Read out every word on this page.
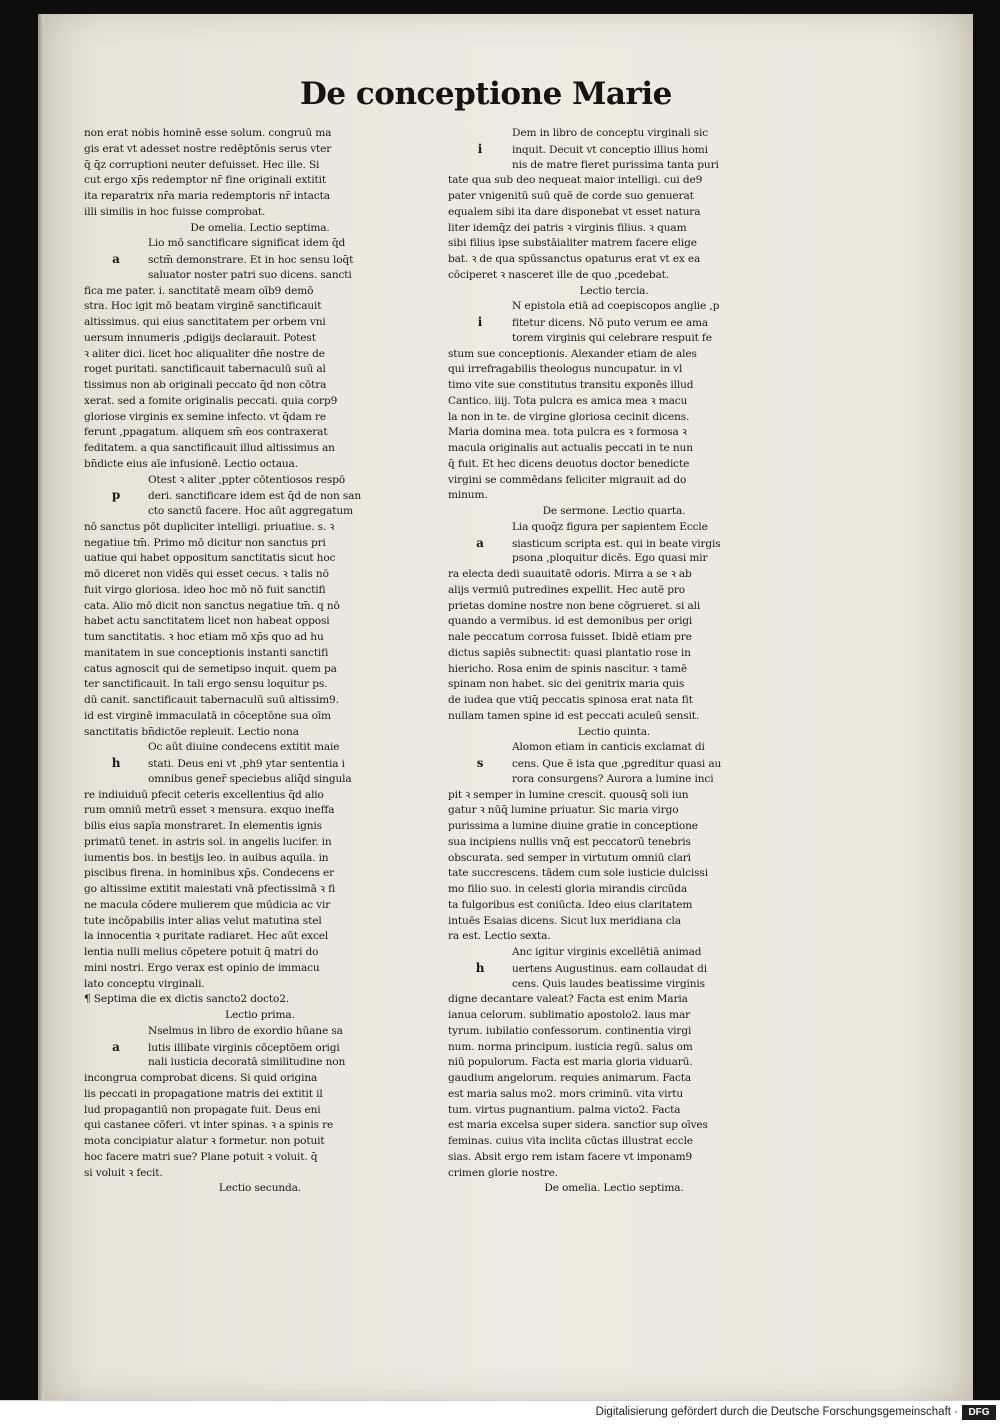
De conceptione Marie
non erat nobis hominē esse solum. congruū ma
gis erat vt adesset nostre redēptōnis serus vter
q̄ q̄z corruptioni neuter defuisset. Hec ille. Si
cut ergo xp̄s redemptor nr̄ fine originali extitit
ita reparatrix nr̄a maria redemptoris nr̄ intacta
illi similis in hoc fuisse comprobat.
De omelia. Lectio septima.
Lio mō sanctificare significat idem q̄d
a	sctm̄ demonstrare. Et in hoc sensu loq̄t
saluator noster patri suo dicens. sancti
fica me pater. i. sanctitatē meam oīb9 demō
stra. Hoc igit mō beatam virginē sanctificauit
altissimus. qui eius sanctitatem per orbem vni
uersum innumeris ,pdigijs declarauit. Potest
ꝛ aliter dici. licet hoc aliqualiter dn̄e nostre de
roget puritati. sanctificauit tabernaculū suū al
tissimus non ab originali peccato q̄d non cōtra
xerat. sed a fomite originalis peccati. quia corp9
gloriose virginis ex semine infecto. vt q̄dam re
ferunt ,ppagatum. aliquem sm̄ eos contraxerat
feditatem. a qua sanctificauit illud altissimus an
bn̄dicte eius aīe infusionē. Lectio octaua.
Otest ꝛ aliter ,ppter cōtentiosos respō
p	deri. sanctificare idem est q̄d de non san
cto sanctū facere. Hoc aūt aggregatum
nō sanctus pōt dupliciter intelligi. priuatiue. s. ꝛ
negatiue tm̄. Primo mō dicitur non sanctus pri
uatiue qui habet oppositum sanctitatis sicut hoc
mō diceret non vidēs qui esset cecus. ꝛ talis nō
fuit virgo gloriosa. ideo hoc mō nō fuit sanctifi
cata. Alio mō dicit non sanctus negatiue tm̄. q nō
habet actu sanctitatem licet non habeat opposi
tum sanctitatis. ꝛ hoc etiam mō xp̄s quo ad hu
manitatem in sue conceptionis instanti sanctifi
catus agnoscit qui de semetipso inquit. quem pa
ter sanctificauit. In tali ergo sensu loquitur ps.
dū canit. sanctificauit tabernaculū suū altissim9.
id est virginē immaculatā in cōceptōne sua oīm
sanctitatis bn̄dictōe repleuit. Lectio nona
Oc aūt diuine condecens extitit maie
h	stati. Deus eni vt ,ph9 ytar sententia i
omnibus gener̄ speciebus aliq̄d singula
re indiuiduū pfecit ceteris excellentius q̄d alio
rum omniū metrū esset ꝛ mensura. exquo ineffa
bilis eius sapīa monstraret. In elementis ignis
primatū tenet. in astris sol. in angelis lucifer. in
iumentis bos. in bestijs leo. in auibus aquila. in
piscibus firena. in hominibus xp̄s. Condecens er
go altissime extitit maiestati vnā pfectissimā ꝛ fi
ne macula cōdere mulierem que mūdicia ac vir
tute incōpabilis inter alias velut matutina stel
la innocentia ꝛ puritate radiaret. Hec aūt excel
lentia nulli melius cōpetere potuit q̄ matri do
mini nostri. Ergo verax est opinio de immacu
lato conceptu virginali.
¶ Septima die ex dictis sancto2 docto2.
Lectio prima.
Nselmus in libro de exordio hūane sa
a	lutis illibate virginis cōceptōem origi
nali iusticia decoratā similitudine non
incongrua comprobat dicens. Si quid origina
lis peccati in propagatione matris dei extitit il
lud propagantiū non propagate fuit. Deus eni
qui castanee cōferi. vt inter spinas. ꝛ a spinis re
mota concipiatur alatur ꝛ formetur. non potuit
hoc facere matri sue? Plane potuit ꝛ voluit. q̄
si voluit ꝛ fecit.
Lectio secunda.
Dem in libro de conceptu virginali sic
i	inquit. Decuit vt conceptio illius homi
nis de matre fieret purissima tanta puri
tate qua sub deo nequeat maior intelligi. cui de9
pater vnigenitū suū quē de corde suo genuerat
equalem sibi ita dare disponebat vt esset natura
liter idemq̄z dei patris ꝛ virginis filius. ꝛ quam
sibi filius ipse substāialiter matrem facere elige
bat. ꝛ de qua spūssanctus opaturus erat vt ex ea
cōciperet ꝛ nasceret ille de quo ,pcedebat.
Lectio tercia.
N epistola etiā ad coepiscopos anglie ,p
i	fitetur dicens. Nō puto verum ee ama
torem virginis qui celebrare respuit fe
stum sue conceptionis. Alexander etiam de ales
qui irrefragabilis theologus nuncupatur. in vl
timo vite sue constitutus transitu exponēs illud
Cantico. iiij. Tota pulcra es amica mea ꝛ macu
la non in te. de virgine gloriosa cecinit dicens.
Maria domina mea. tota pulcra es ꝛ formosa ꝛ
macula originalis aut actualis peccati in te nun
q̄ fuit. Et hec dicens deuotus doctor benedicte
virgini se commēdans feliciter migrauit ad do
minum.
De sermone. Lectio quarta.
Lia quoq̄z figura per sapientem Eccle
a	siasticum scripta est. qui in beate virgis
psona ,ploquitur dicēs. Ego quasi mir
ra electa dedi suauitatē odoris. Mirra a se ꝛ ab
alijs vermiū putredines expellit. Hec autē pro
prietas domine nostre non bene cōgrueret. si ali
quando a vermibus. id est demonibus per origi
nale peccatum corrosa fuisset. Ibidē etiam pre
dictus sapiēs subnectit: quasi plantatio rose in
hiericho. Rosa enim de spinis nascitur. ꝛ tamē
spinam non habet. sic dei genitrix maria quis
de iudea que vtiq̄ peccatis spinosa erat nata fit
nullam tamen spine id est peccati aculeū sensit.
Lectio quinta.
Alomon etiam in canticis exclamat di
s	cens. Que ē ista que ,pgreditur quasi au
rora consurgens? Aurora a lumine inci
pit ꝛ semper in lumine crescit. quousq̄ soli iun
gatur ꝛ nūq̄ lumine priuatur. Sic maria virgo
purissima a lumine diuine gratie in conceptione
sua incipiens nullis vnq̄ est peccatorū tenebris
obscurata. sed semper in virtutum omniū clari
tate succrescens. tādem cum sole iusticie dulcissi
mo filio suo. in celesti gloria mirandis circūda
ta fulgoribus est coniūcta. Ideo eius claritatem
intuēs Esaias dicens. Sicut lux meridiana cla
ra est. Lectio sexta.
Anc igitur virginis excellētiā animad
h	uertens Augustinus. eam collaudat di
cens. Quis laudes beatissime virginis
digne decantare valeat? Facta est enim Maria
ianua celorum. sublimatio apostolo2. laus mar
tyrum. iubilatio confessorum. continentia virgi
num. norma principum. iusticia regū. salus om
niū populorum. Facta est maria gloria viduarū.
gaudium angelorum. requies animarum. Facta
est maria salus mo2. mors criminū. vita virtu
tum. virtus pugnantium. palma victo2. Facta
est maria excelsa super sidera. sanctior sup oīves
feminas. cuius vita inclita cūctas illustrat eccle
sias. Absit ergo rem istam facere vt imponam9
crimen glorie nostre.
De omelia. Lectio septima.
Digitalisierung gefördert durch die Deutsche Forschungsgemeinschaft ·	DFG
